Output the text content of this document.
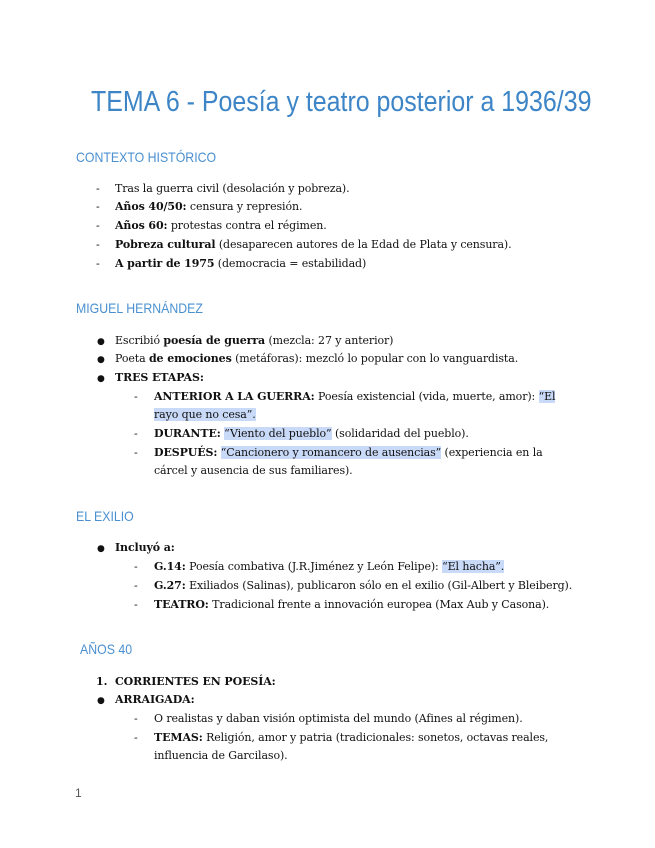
TEMA 6 - Poesía y teatro posterior a 1936/39
CONTEXTO HISTÓRICO
- Tras la guerra civil (desolación y pobreza).
- Años 40/50: censura y represión.
- Años 60: protestas contra el régimen.
- Pobreza cultural (desaparecen autores de la Edad de Plata y censura).
- A partir de 1975 (democracia = estabilidad)
MIGUEL HERNÁNDEZ
● Escribió poesía de guerra (mezcla: 27 y anterior)
● Poeta de emociones (metáforas): mezcló lo popular con lo vanguardista.
● TRES ETAPAS:
- ANTERIOR A LA GUERRA: Poesía existencial (vida, muerte, amor): “El
rayo que no cesa”.
- DURANTE: “Viento del pueblo” (solidaridad del pueblo).
- DESPUÉS: “Cancionero y romancero de ausencias” (experiencia en la
cárcel y ausencia de sus familiares).
EL EXILIO
● Incluyó a:
- G.14: Poesía combativa (J.R.Jiménez y León Felipe): “El hacha”.
- G.27: Exiliados (Salinas), publicaron sólo en el exilio (Gil-Albert y Bleiberg).
- TEATRO: Tradicional frente a innovación europea (Max Aub y Casona).
AÑOS 40
1. CORRIENTES EN POESÍA:
● ARRAIGADA:
- O realistas y daban visión optimista del mundo (Afines al régimen).
- TEMAS: Religión, amor y patria (tradicionales: sonetos, octavas reales,
influencia de Garcilaso).
1
